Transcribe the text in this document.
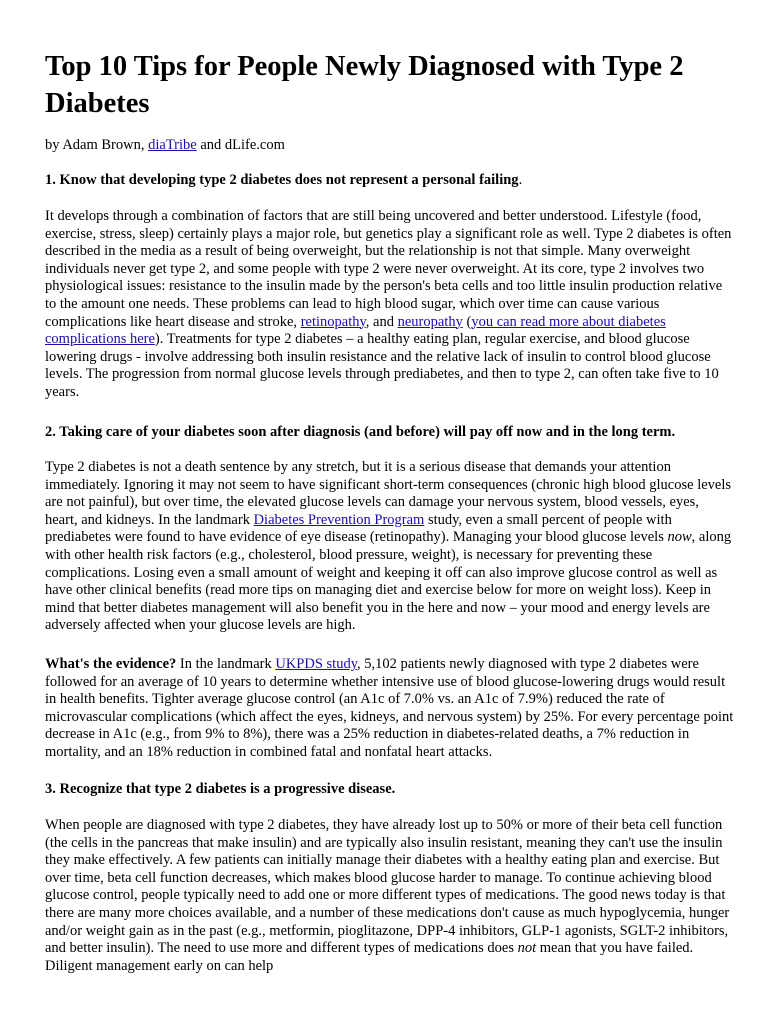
Top 10 Tips for People Newly Diagnosed with Type 2 Diabetes

by Adam Brown, diaTribe and dLife.com

1. Know that developing type 2 diabetes does not represent a personal failing.

It develops through a combination of factors that are still being uncovered and better understood. Lifestyle (food, exercise, stress, sleep) certainly plays a major role, but genetics play a significant role as well. Type 2 diabetes is often described in the media as a result of being overweight, but the relationship is not that simple. Many overweight individuals never get type 2, and some people with type 2 were never overweight. At its core, type 2 involves two physiological issues: resistance to the insulin made by the person's beta cells and too little insulin production relative to the amount one needs. These problems can lead to high blood sugar, which over time can cause various complications like heart disease and stroke, retinopathy, and neuropathy (you can read more about diabetes complications here). Treatments for type 2 diabetes – a healthy eating plan, regular exercise, and blood glucose lowering drugs - involve addressing both insulin resistance and the relative lack of insulin to control blood glucose levels. The progression from normal glucose levels through prediabetes, and then to type 2, can often take five to 10 years.

2. Taking care of your diabetes soon after diagnosis (and before) will pay off now and in the long term.

Type 2 diabetes is not a death sentence by any stretch, but it is a serious disease that demands your attention immediately. Ignoring it may not seem to have significant short-term consequences (chronic high blood glucose levels are not painful), but over time, the elevated glucose levels can damage your nervous system, blood vessels, eyes, heart, and kidneys. In the landmark Diabetes Prevention Program study, even a small percent of people with prediabetes were found to have evidence of eye disease (retinopathy). Managing your blood glucose levels now, along with other health risk factors (e.g., cholesterol, blood pressure, weight), is necessary for preventing these complications. Losing even a small amount of weight and keeping it off can also improve glucose control as well as have other clinical benefits (read more tips on managing diet and exercise below for more on weight loss). Keep in mind that better diabetes management will also benefit you in the here and now – your mood and energy levels are adversely affected when your glucose levels are high.

What's the evidence? In the landmark UKPDS study, 5,102 patients newly diagnosed with type 2 diabetes were followed for an average of 10 years to determine whether intensive use of blood glucose-lowering drugs would result in health benefits. Tighter average glucose control (an A1c of 7.0% vs. an A1c of 7.9%) reduced the rate of microvascular complications (which affect the eyes, kidneys, and nervous system) by 25%. For every percentage point decrease in A1c (e.g., from 9% to 8%), there was a 25% reduction in diabetes-related deaths, a 7% reduction in mortality, and an 18% reduction in combined fatal and nonfatal heart attacks.

3. Recognize that type 2 diabetes is a progressive disease.

When people are diagnosed with type 2 diabetes, they have already lost up to 50% or more of their beta cell function (the cells in the pancreas that make insulin) and are typically also insulin resistant, meaning they can't use the insulin they make effectively. A few patients can initially manage their diabetes with a healthy eating plan and exercise. But over time, beta cell function decreases, which makes blood glucose harder to manage. To continue achieving blood glucose control, people typically need to add one or more different types of medications. The good news today is that there are many more choices available, and a number of these medications don't cause as much hypoglycemia, hunger and/or weight gain as in the past (e.g., metformin, pioglitazone, DPP-4 inhibitors, GLP-1 agonists, SGLT-2 inhibitors, and better insulin). The need to use more and different types of medications does not mean that you have failed. Diligent management early on can help
